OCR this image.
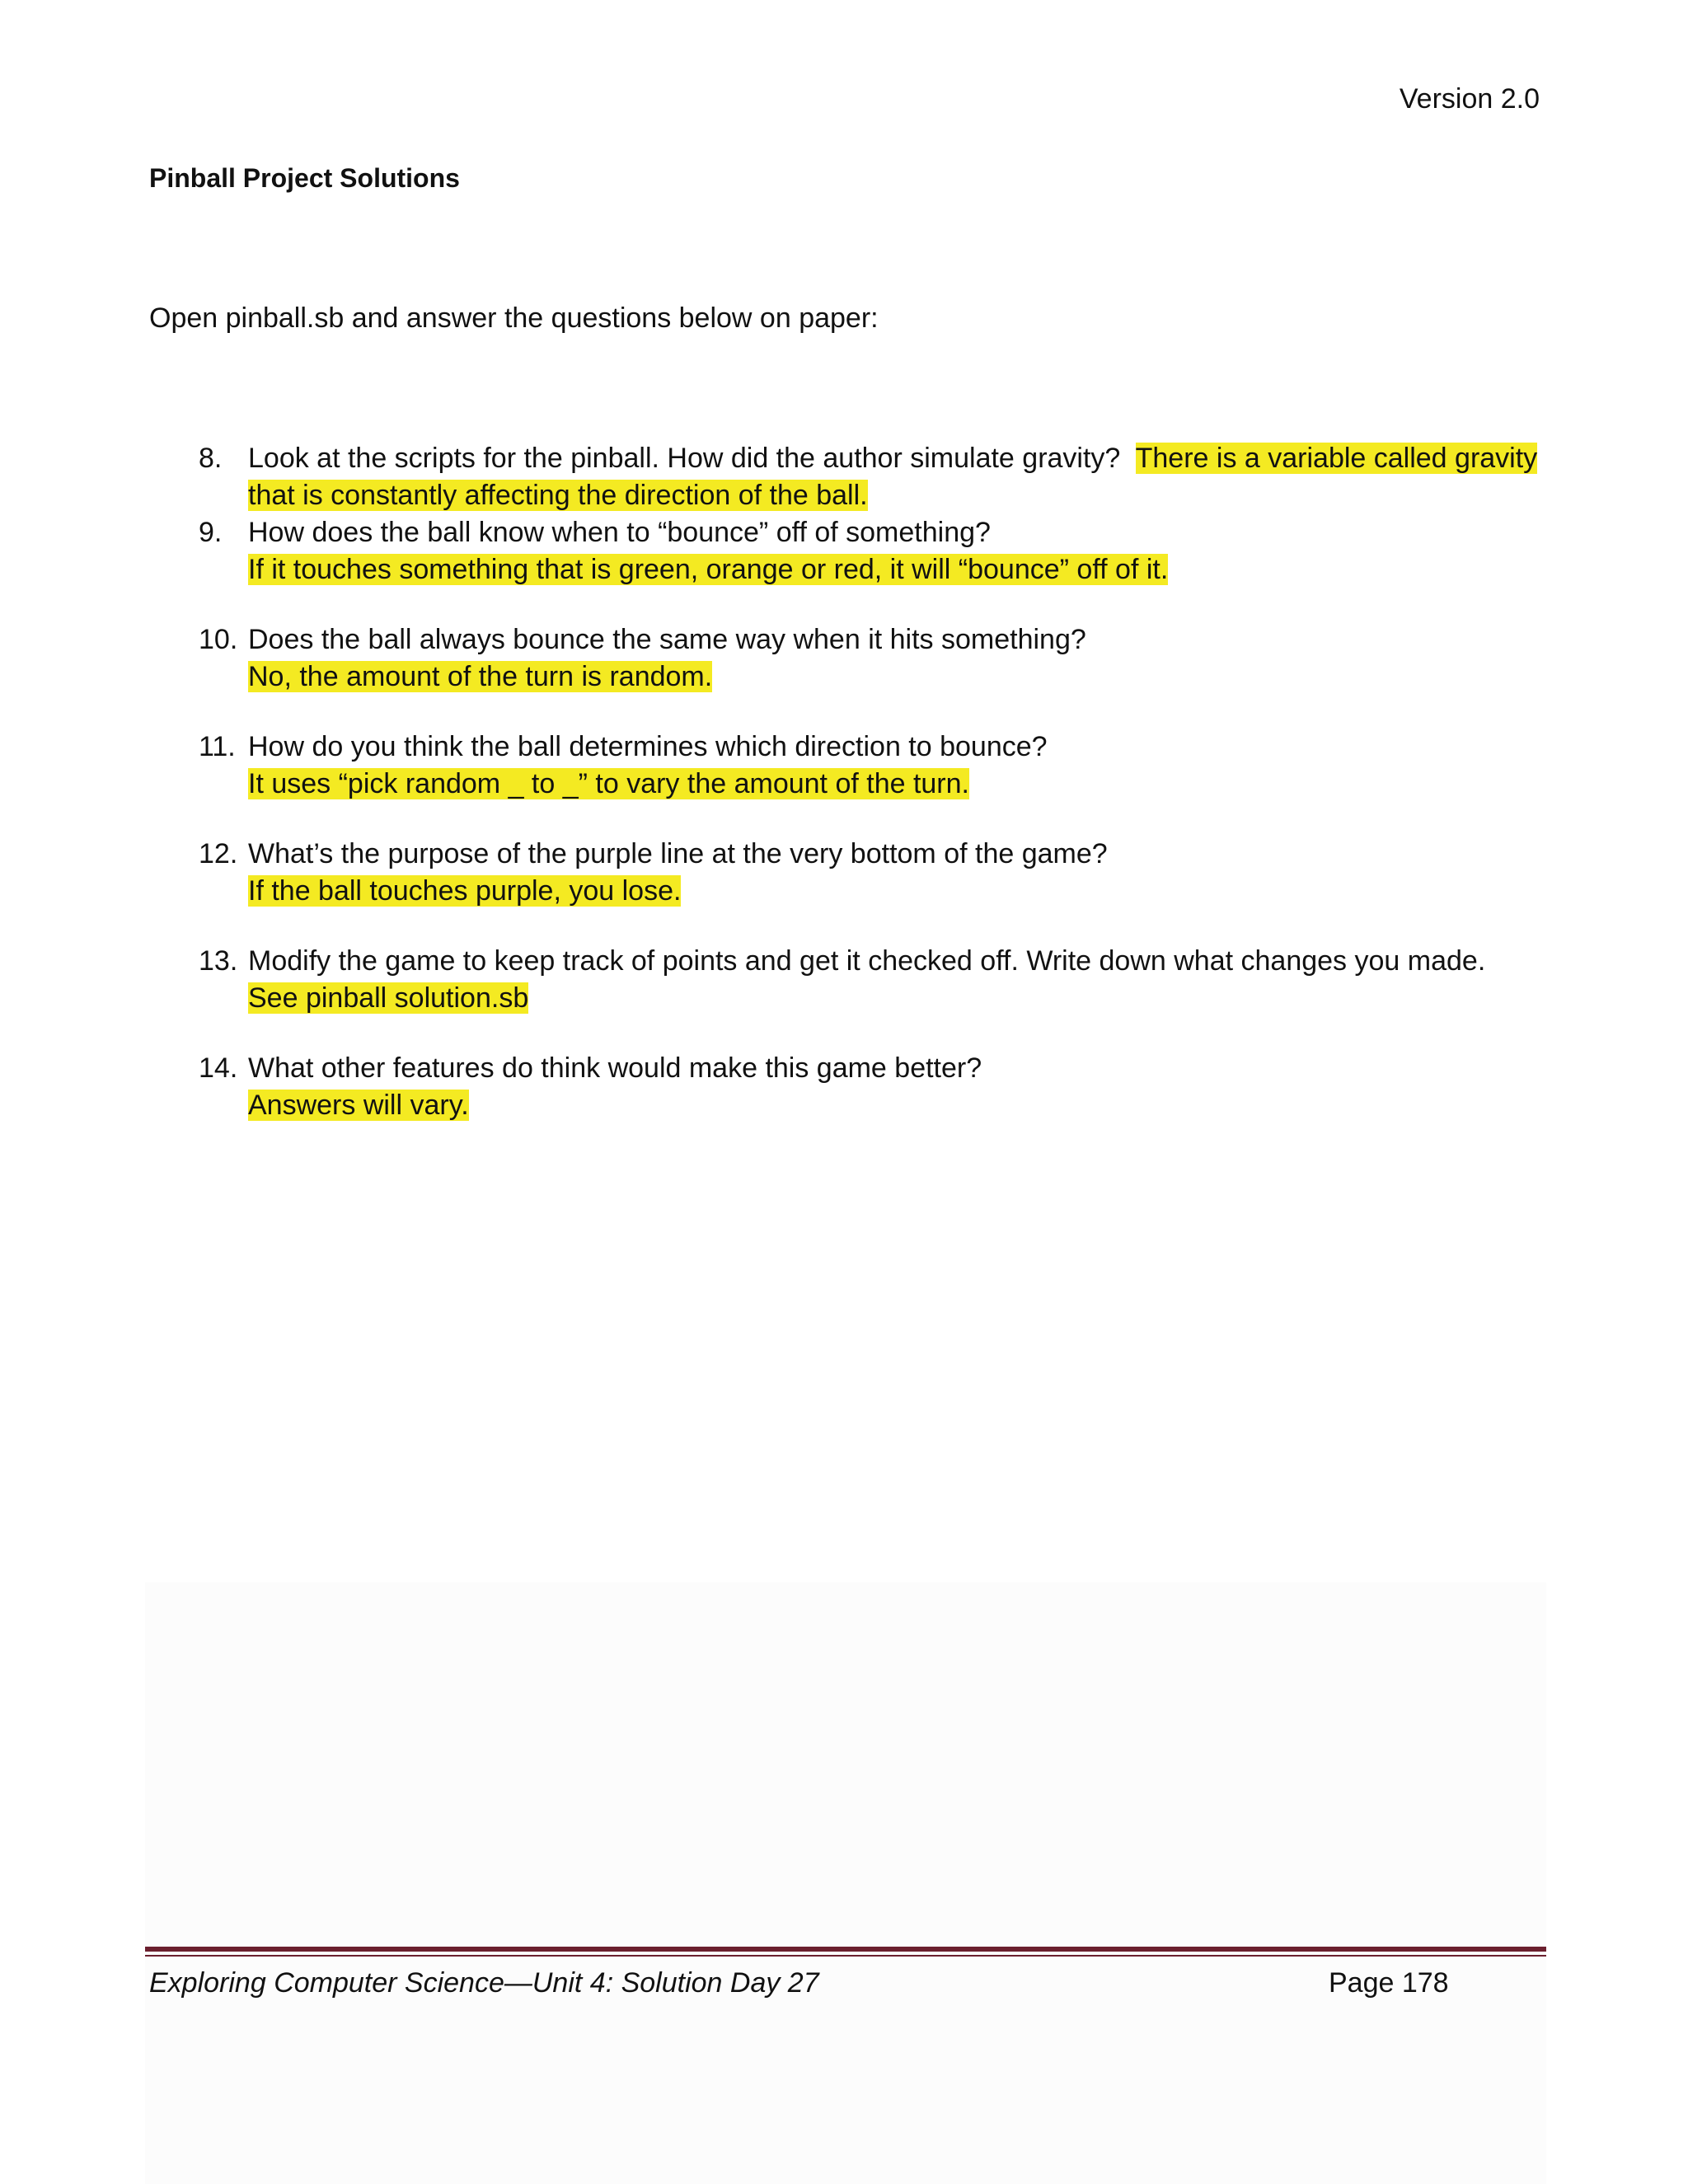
Version 2.0
Pinball Project Solutions
Open pinball.sb and answer the questions below on paper:
8. Look at the scripts for the pinball. How did the author simulate gravity? There is a variable called gravity that is constantly affecting the direction of the ball.
9. How does the ball know when to “bounce” off of something?
If it touches something that is green, orange or red, it will “bounce” off of it.
10. Does the ball always bounce the same way when it hits something?
No, the amount of the turn is random.
11. How do you think the ball determines which direction to bounce?
It uses “pick random _ to _” to vary the amount of the turn.
12. What’s the purpose of the purple line at the very bottom of the game?
If the ball touches purple, you lose.
13. Modify the game to keep track of points and get it checked off. Write down what changes you made.
See pinball solution.sb
14. What other features do think would make this game better?
Answers will vary.
Exploring Computer Science—Unit 4: Solution Day 27	Page 178
